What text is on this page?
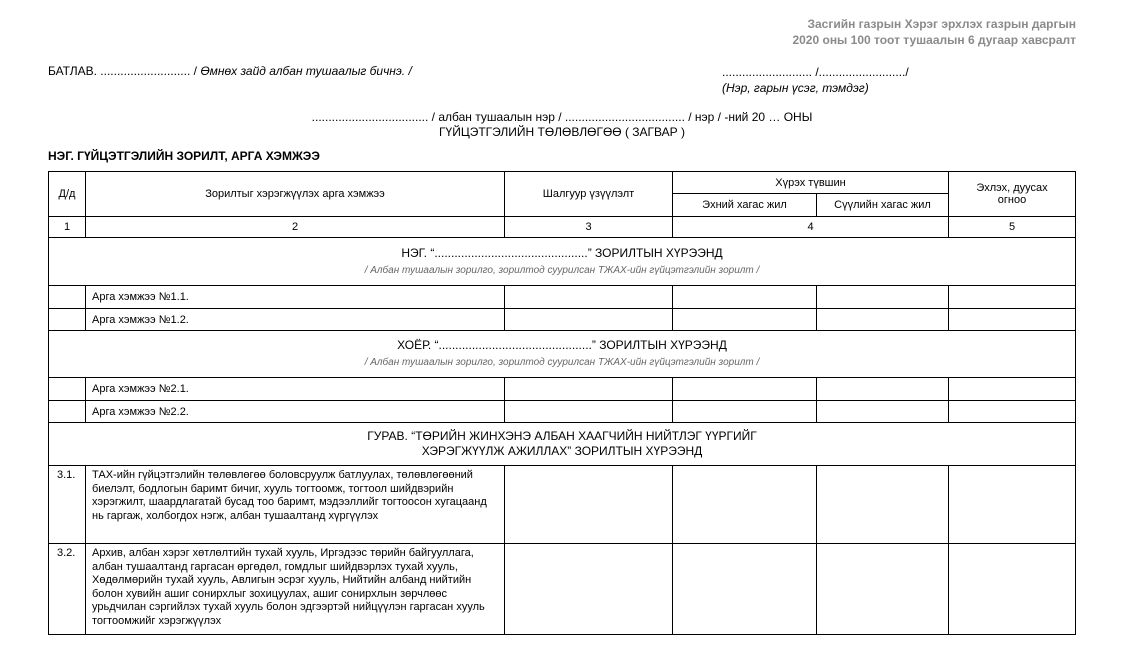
Засгийн газрын Хэрэг эрхлэх газрын даргын
2020 оны 100 тоот тушаалын 6 дугаар хавсралт
БАТЛАВ. ........................... / Өмнөх зайд албан тушаалыг бичнэ. /	........................... /........................../
(Нэр, гарын үсэг, тэмдэг)
................................... / албан тушаалын нэр / .................................... / нэр / -ний 20 … ОНЫ
ГҮЙЦЭТГЭЛИЙН ТӨЛӨВЛӨГӨӨ ( ЗАГВАР )
НЭГ. ГҮЙЦЭТГЭЛИЙН ЗОРИЛТ, АРГА ХЭМЖЭЭ
Д/д	Зорилтыг хэрэгжүүлэх арга хэмжээ	Шалгуур үзүүлэлт	Хүрэх түвшин		Эхлэх, дуусах огноо
			Эхний хагас жил	Сүүлийн хагас жил	
1	2	3	4		5

НЭГ. “..............................................” ЗОРИЛТЫН ХҮРЭЭНД
/ Албан тушаалын зорилго, зорилтод суурилсан ТЖАХ-ийн гүйцэтгэлийн зорилт /					

	Арга хэмжээ №1.1.				
	Арга хэмжээ №1.2.				

ХОЁР. “..............................................” ЗОРИЛТЫН ХҮРЭЭНД
/ Албан тушаалын зорилго, зорилтод суурилсан ТЖАХ-ийн гүйцэтгэлийн зорилт /					

	Арга хэмжээ №2.1.				
	Арга хэмжээ №2.2.				

ГУРАВ. “ТӨРИЙН ЖИНХЭНЭ АЛБАН ХААГЧИЙН НИЙТЛЭГ ҮҮРГИЙГ
ХЭРЭГЖҮҮЛЖ АЖИЛЛАХ” ЗОРИЛТЫН ХҮРЭЭНД					

3.1.	ТАХ-ийн гүйцэтгэлийн төлөвлөгөө боловсруулж батлуулах, төлөвлөгөөний биелэлт, бодлогын баримт бичиг, хууль тогтоомж, тогтоол шийдвэрийн хэрэгжилт, шаардлагатай бусад тоо баримт, мэдээллийг тогтоосон хугацаанд нь гаргаж, холбогдох нэгж, албан тушаалтанд хүргүүлэх				
3.2.	Архив, албан хэрэг хөтлөлтийн тухай хууль, Иргэдээс төрийн байгууллага, албан тушаалтанд гаргасан өргөдөл, гомдлыг шийдвэрлэх тухай хууль, Хөдөлмөрийн тухай хууль, Авлигын эсрэг хууль, Нийтийн албанд нийтийн болон хувийн ашиг сонирхлыг зохицуулах, ашиг сонирхлын зөрчлөөс урьдчилан сэргийлэх тухай хууль болон эдгээртэй нийцүүлэн гаргасан хууль тогтоомжийг хэрэгжүүлэх				
